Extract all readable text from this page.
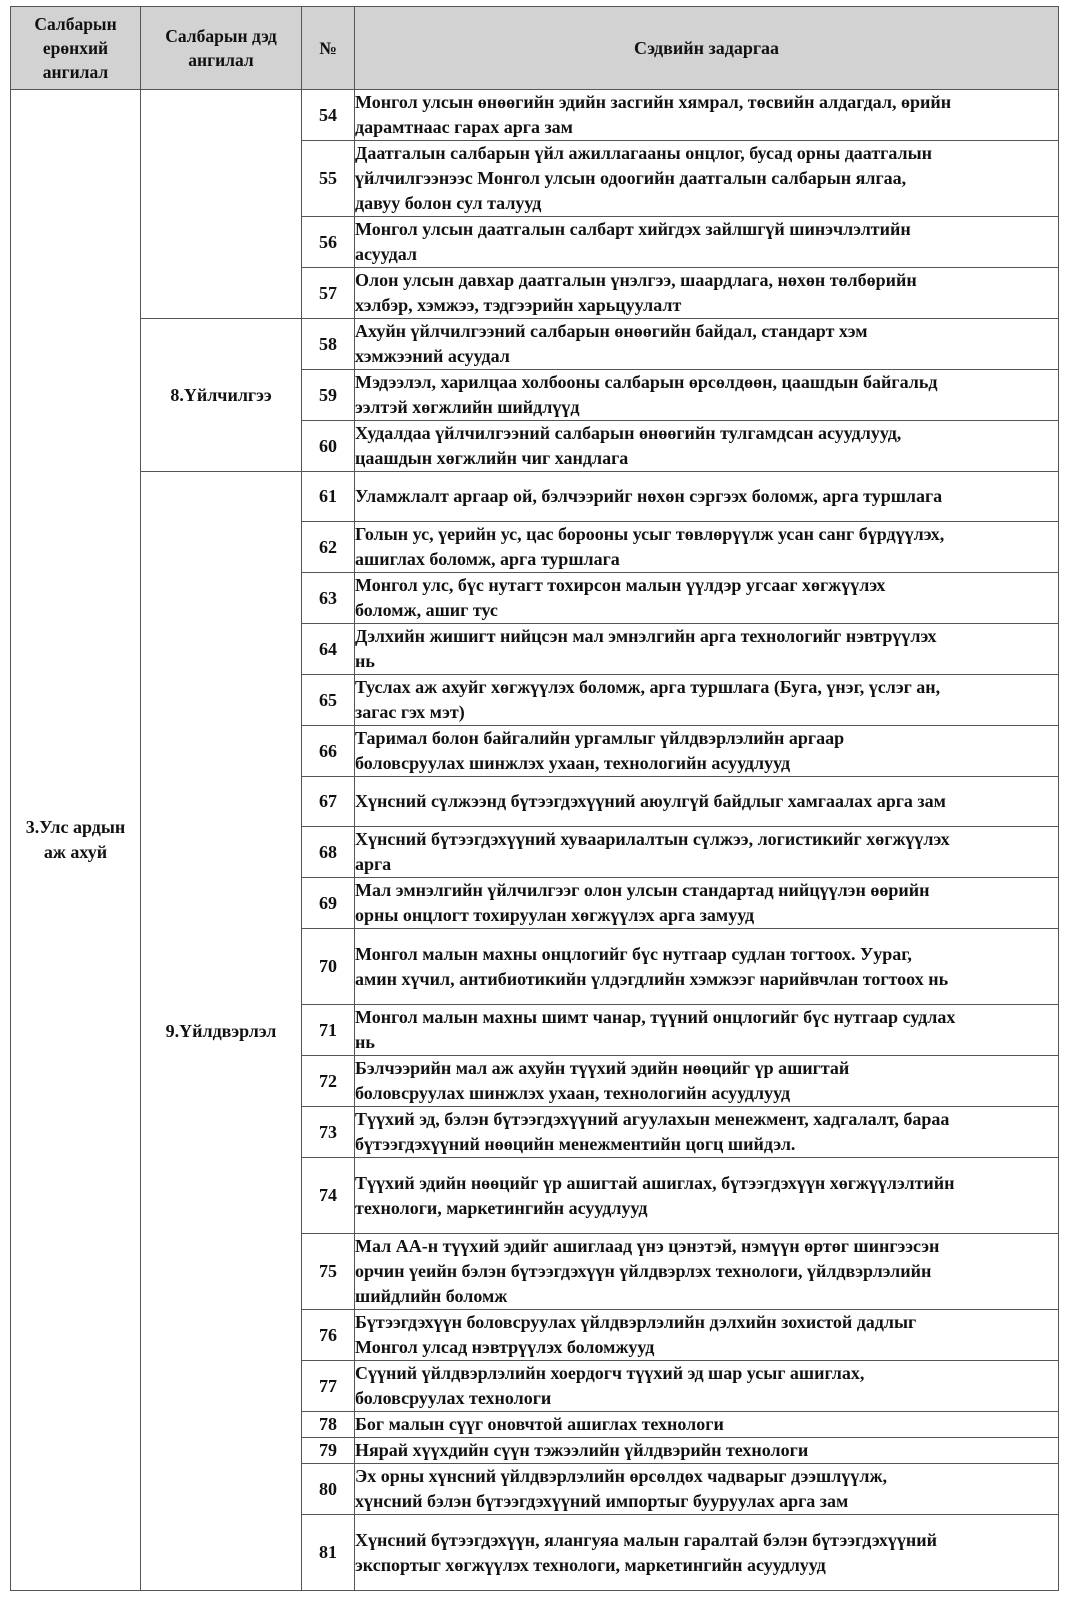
Салбарын
ерөнхий
ангилал	Салбарын дэд
ангилал	№	Сэдвийн задаргаа
3.Улс ардын
аж ахуй		54	Монгол улсын өнөөгийн эдийн засгийн хямрал, төсвийн алдагдал, өрийн
дарамтнаас гарах арга зам
		55	Даатгалын салбарын үйл ажиллагааны онцлог, бусад орны даатгалын
үйлчилгээнээс Монгол улсын одоогийн даатгалын салбарын ялгаа,
давуу болон сул талууд
		56	Монгол улсын даатгалын салбарт хийгдэх зайлшгүй шинэчлэлтийн
асуудал
		57	Олон улсын давхар даатгалын үнэлгээ, шаардлага, нөхөн төлбөрийн
хэлбэр, хэмжээ, тэдгээрийн харьцуулалт
	8.Үйлчилгээ	58	Ахуйн үйлчилгээний салбарын өнөөгийн байдал, стандарт хэм
хэмжээний асуудал
		59	Мэдээлэл, харилцаа холбооны салбарын өрсөлдөөн, цаашдын байгальд
ээлтэй хөгжлийн шийдлүүд
		60	Худалдаа үйлчилгээний салбарын өнөөгийн тулгамдсан асуудлууд,
цаашдын хөгжлийн чиг хандлага
	9.Үйлдвэрлэл	61	Уламжлалт аргаар ой, бэлчээрийг нөхөн сэргээх боломж, арга туршлага
		62	Голын ус, үерийн ус, цас борооны усыг төвлөрүүлж усан санг бүрдүүлэх,
ашиглах боломж, арга туршлага
		63	Монгол улс, бүс нутагт тохирсон малын үүлдэр угсааг хөгжүүлэх
боломж, ашиг тус
		64	Дэлхийн жишигт нийцсэн мал эмнэлгийн арга технологийг нэвтрүүлэх
нь
		65	Туслах аж ахуйг хөгжүүлэх боломж, арга туршлага (Буга, үнэг, үслэг ан,
загас гэх мэт)
		66	Таримал болон байгалийн ургамлыг үйлдвэрлэлийн аргаар
боловсруулах шинжлэх ухаан, технологийн асуудлууд
		67	Хүнсний сүлжээнд бүтээгдэхүүний аюулгүй байдлыг хамгаалах арга зам
		68	Хүнсний бүтээгдэхүүний хуваарилалтын сүлжээ, логистикийг хөгжүүлэх
арга
		69	Мал эмнэлгийн үйлчилгээг олон улсын стандартад нийцүүлэн өөрийн
орны онцлогт тохируулан хөгжүүлэх арга замууд
		70	Монгол малын махны онцлогийг бүс нутгаар судлан тогтоох. Уураг,
амин хүчил, антибиотикийн үлдэгдлийн хэмжээг нарийвчлан тогтоох нь
		71	Монгол малын махны шимт чанар, түүний онцлогийг бүс нутгаар судлах
нь
		72	Бэлчээрийн мал аж ахуйн түүхий эдийн нөөцийг үр ашигтай
боловсруулах шинжлэх ухаан, технологийн асуудлууд
		73	Түүхий эд, бэлэн бүтээгдэхүүний агуулахын менежмент, хадгалалт, бараа
бүтээгдэхүүний нөөцийн менежментийн цогц шийдэл.
		74	Түүхий эдийн нөөцийг үр ашигтай ашиглах, бүтээгдэхүүн хөгжүүлэлтийн
технологи, маркетингийн асуудлууд
		75	Мал АА-н түүхий эдийг ашиглаад үнэ цэнэтэй, нэмүүн өртөг шингээсэн
орчин үеийн бэлэн бүтээгдэхүүн үйлдвэрлэх технологи, үйлдвэрлэлийн
шийдлийн боломж
		76	Бүтээгдэхүүн боловсруулах үйлдвэрлэлийн дэлхийн зохистой дадлыг
Монгол улсад нэвтрүүлэх боломжууд
		77	Сүүний үйлдвэрлэлийн хоердогч түүхий эд шар усыг ашиглах,
боловсруулах технологи
		78	Бог малын сүүг оновчтой ашиглах технологи
		79	Нярай хүүхдийн сүүн тэжээлийн үйлдвэрийн технологи
		80	Эх орны хүнсний үйлдвэрлэлийн өрсөлдөх чадварыг дээшлүүлж,
хүнсний бэлэн бүтээгдэхүүний импортыг бууруулах арга зам
		81	Хүнсний бүтээгдэхүүн, ялангуяа малын гаралтай бэлэн бүтээгдэхүүний
экспортыг хөгжүүлэх технологи, маркетингийн асуудлууд
